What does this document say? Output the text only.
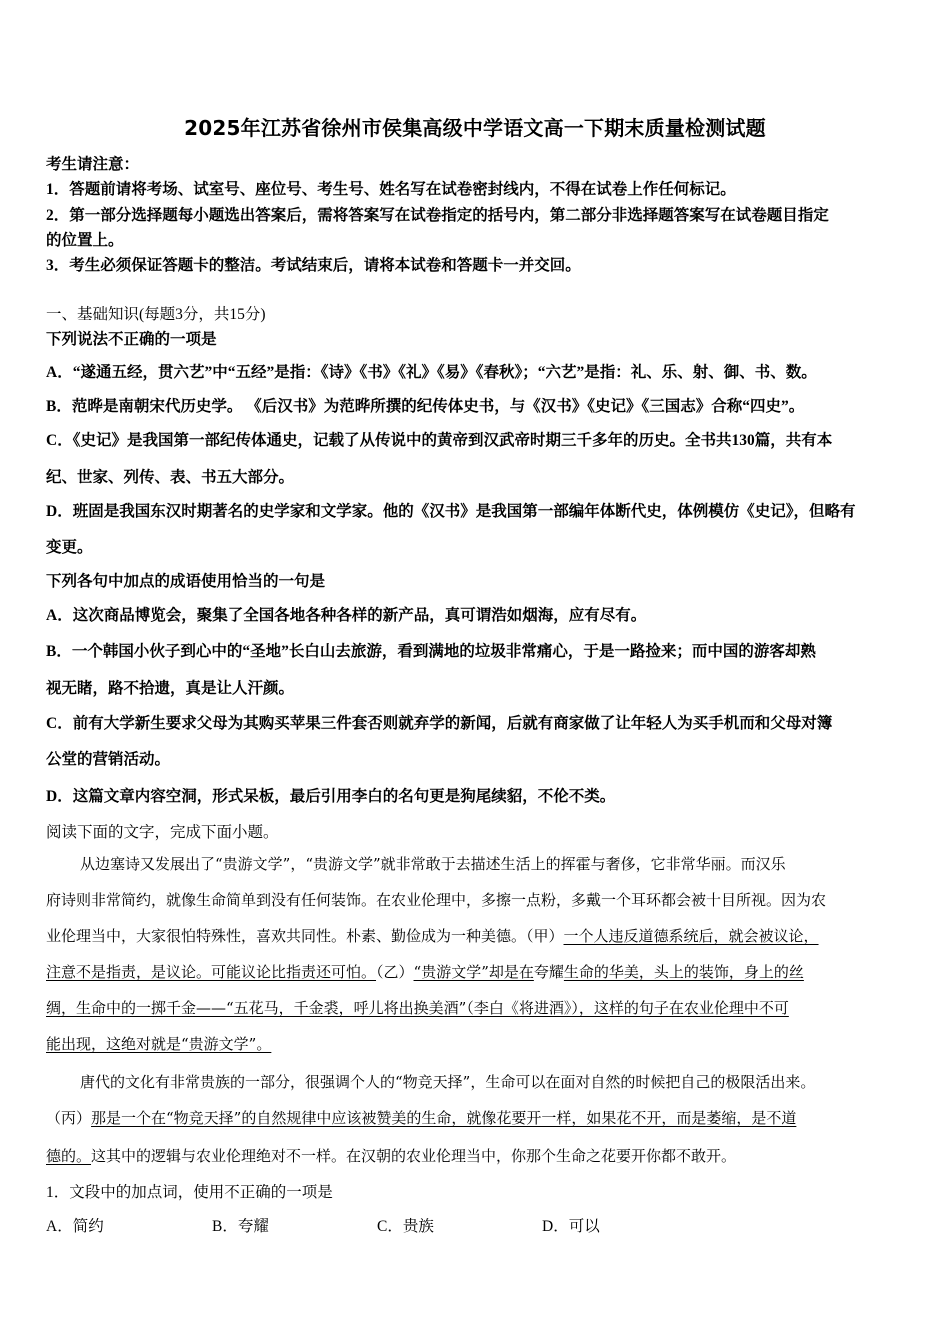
2025年江苏省徐州市侯集高级中学语文高一下期末质量检测试题
考生请注意：
1．答题前请将考场、试室号、座位号、考生号、姓名写在试卷密封线内，不得在试卷上作任何标记。
2．第一部分选择题每小题选出答案后，需将答案写在试卷指定的括号内，第二部分非选择题答案写在试卷题目指定
的位置上。
3．考生必须保证答题卡的整洁。考试结束后，请将本试卷和答题卡一并交回。
一、基础知识(每题3分，共15分)
下列说法不正确的一项是
A．“遂通五经，贯六艺”中“五经”是指：《诗》《书》《礼》《易》《春秋》；“六艺”是指：礼、乐、射、御、书、数。
B．范晔是南朝宋代历史学。 《后汉书》为范晔所撰的纪传体史书，与《汉书》《史记》《三国志》合称“四史”。
C．《史记》是我国第一部纪传体通史，记载了从传说中的黄帝到汉武帝时期三千多年的历史。全书共130篇，共有本
纪、世家、列传、表、书五大部分。
D．班固是我国东汉时期著名的史学家和文学家。他的《汉书》是我国第一部编年体断代史，体例模仿《史记》，但略有
变更。
下列各句中加点的成语使用恰当的一句是
A．这次商品博览会，聚集了全国各地各种各样的新产品，真可谓浩如烟海，应有尽有。
B．一个韩国小伙子到心中的“圣地”长白山去旅游，看到满地的垃圾非常痛心，于是一路捡来；而中国的游客却熟
视无睹，路不拾遗，真是让人汗颜。
C．前有大学新生要求父母为其购买苹果三件套否则就弃学的新闻，后就有商家做了让年轻人为买手机而和父母对簿
公堂的营销活动。
D．这篇文章内容空洞，形式呆板，最后引用李白的名句更是狗尾续貂，不伦不类。
阅读下面的文字，完成下面小题。
从边塞诗又发展出了“贵游文学”，“贵游文学”就非常敢于去描述生活上的挥霍与奢侈，它非常华丽。而汉乐
府诗则非常简约，就像生命简单到没有任何装饰。在农业伦理中，多擦一点粉，多戴一个耳环都会被十目所视。因为农
业伦理当中，大家很怕特殊性，喜欢共同性。朴素、勤俭成为一种美德。（甲）一个人违反道德系统后，就会被议论，
注意不是指责，是议论。可能议论比指责还可怕。（乙）“贵游文学”却是在夸耀生命的华美，头上的装饰，身上的丝
绸，生命中的一掷千金——“五花马，千金裘，呼儿将出换美酒”（李白《将进酒》），这样的句子在农业伦理中不可
能出现，这绝对就是“贵游文学”。
唐代的文化有非常贵族的一部分，很强调个人的“物竞天择”，生命可以在面对自然的时候把自己的极限活出来。
（丙）那是一个在“物竞天择”的自然规律中应该被赞美的生命，就像花要开一样，如果花不开，而是萎缩，是不道
德的。这其中的逻辑与农业伦理绝对不一样。在汉朝的农业伦理当中，你那个生命之花要开你都不敢开。
1．文段中的加点词，使用不正确的一项是
A．简约	B．夸耀	C．贵族	D．可以
